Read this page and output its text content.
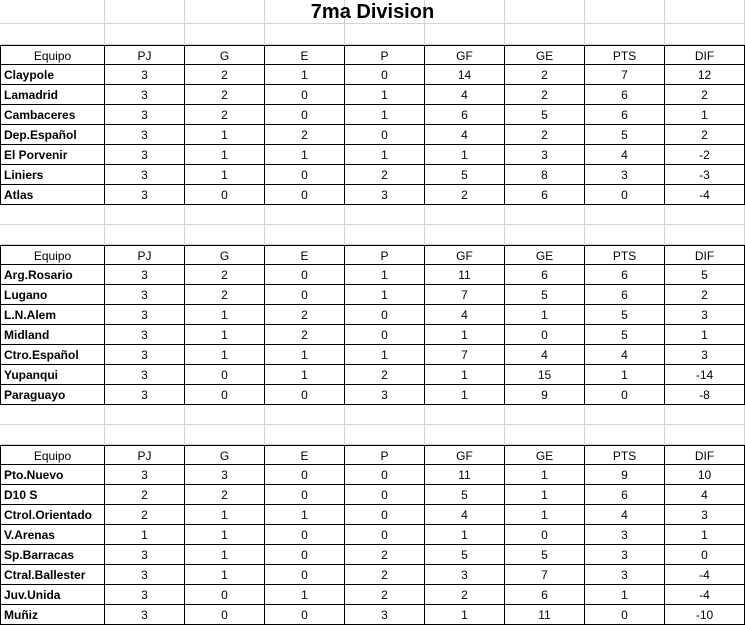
7ma Division
Equipo	PJ	G	E	P	GF	GE	PTS	DIF
Claypole	3	2	1	0	14	2	7	12
Lamadrid	3	2	0	1	4	2	6	2
Cambaceres	3	2	0	1	6	5	6	1
Dep.Español	3	1	2	0	4	2	5	2
El Porvenir	3	1	1	1	1	3	4	-2
Liniers	3	1	0	2	5	8	3	-3
Atlas	3	0	0	3	2	6	0	-4
Equipo	PJ	G	E	P	GF	GE	PTS	DIF
Arg.Rosario	3	2	0	1	11	6	6	5
Lugano	3	2	0	1	7	5	6	2
L.N.Alem	3	1	2	0	4	1	5	3
Midland	3	1	2	0	1	0	5	1
Ctro.Español	3	1	1	1	7	4	4	3
Yupanqui	3	0	1	2	1	15	1	-14
Paraguayo	3	0	0	3	1	9	0	-8
Equipo	PJ	G	E	P	GF	GE	PTS	DIF
Pto.Nuevo	3	3	0	0	11	1	9	10
D10 S	2	2	0	0	5	1	6	4
Ctrol.Orientado	2	1	1	0	4	1	4	3
V.Arenas	1	1	0	0	1	0	3	1
Sp.Barracas	3	1	0	2	5	5	3	0
Ctral.Ballester	3	1	0	2	3	7	3	-4
Juv.Unida	3	0	1	2	2	6	1	-4
Muñiz	3	0	0	3	1	11	0	-10
